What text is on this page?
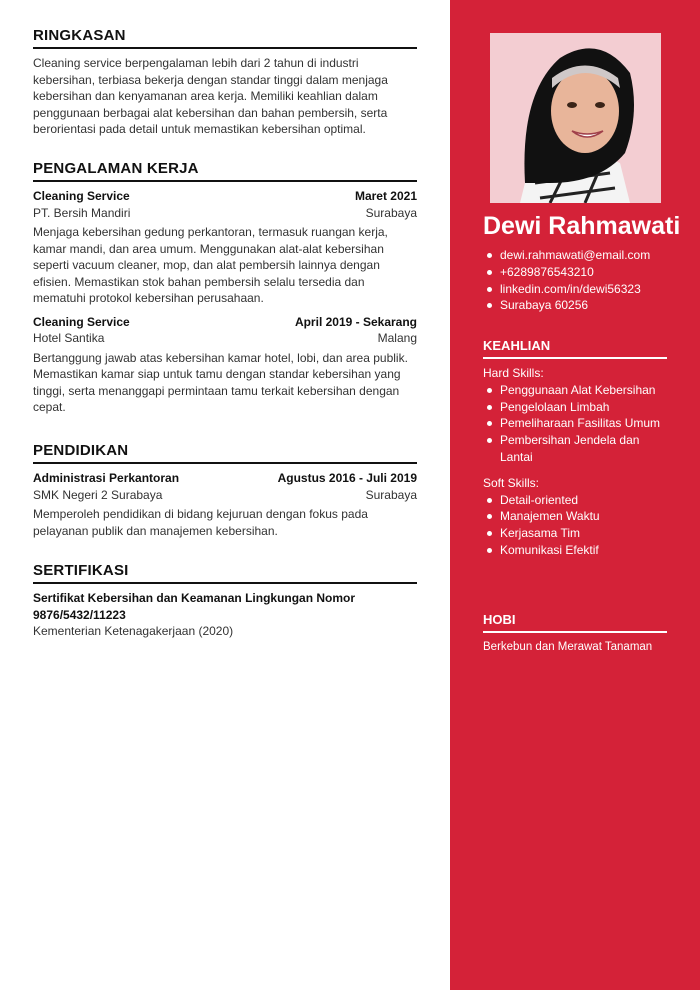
RINGKASAN
Cleaning service berpengalaman lebih dari 2 tahun di industri kebersihan, terbiasa bekerja dengan standar tinggi dalam menjaga kebersihan dan kenyamanan area kerja. Memiliki keahlian dalam penggunaan berbagai alat kebersihan dan bahan pembersih, serta berorientasi pada detail untuk memastikan kebersihan optimal.
PENGALAMAN KERJA
Cleaning Service	Maret 2021
PT. Bersih Mandiri	Surabaya
Menjaga kebersihan gedung perkantoran, termasuk ruangan kerja, kamar mandi, dan area umum. Menggunakan alat-alat kebersihan seperti vacuum cleaner, mop, dan alat pembersih lainnya dengan efisien. Memastikan stok bahan pembersih selalu tersedia dan mematuhi protokol kebersihan perusahaan.
Cleaning Service	April 2019 - Sekarang
Hotel Santika	Malang
Bertanggung jawab atas kebersihan kamar hotel, lobi, dan area publik. Memastikan kamar siap untuk tamu dengan standar kebersihan yang tinggi, serta menanggapi permintaan tamu terkait kebersihan dengan cepat.
PENDIDIKAN
Administrasi Perkantoran	Agustus 2016 - Juli 2019
SMK Negeri 2 Surabaya	Surabaya
Memperoleh pendidikan di bidang kejuruan dengan fokus pada pelayanan publik dan manajemen kebersihan.
SERTIFIKASI
Sertifikat Kebersihan dan Keamanan Lingkungan Nomor 9876/5432/11223
Kementerian Ketenagakerjaan (2020)
Dewi Rahmawati
dewi.rahmawati@email.com
+6289876543210
linkedin.com/in/dewi56323
Surabaya 60256
KEAHLIAN
Hard Skills:
Penggunaan Alat Kebersihan
Pengelolaan Limbah
Pemeliharaan Fasilitas Umum
Pembersihan Jendela dan Lantai
Soft Skills:
Detail-oriented
Manajemen Waktu
Kerjasama Tim
Komunikasi Efektif
HOBI
Berkebun dan Merawat Tanaman
